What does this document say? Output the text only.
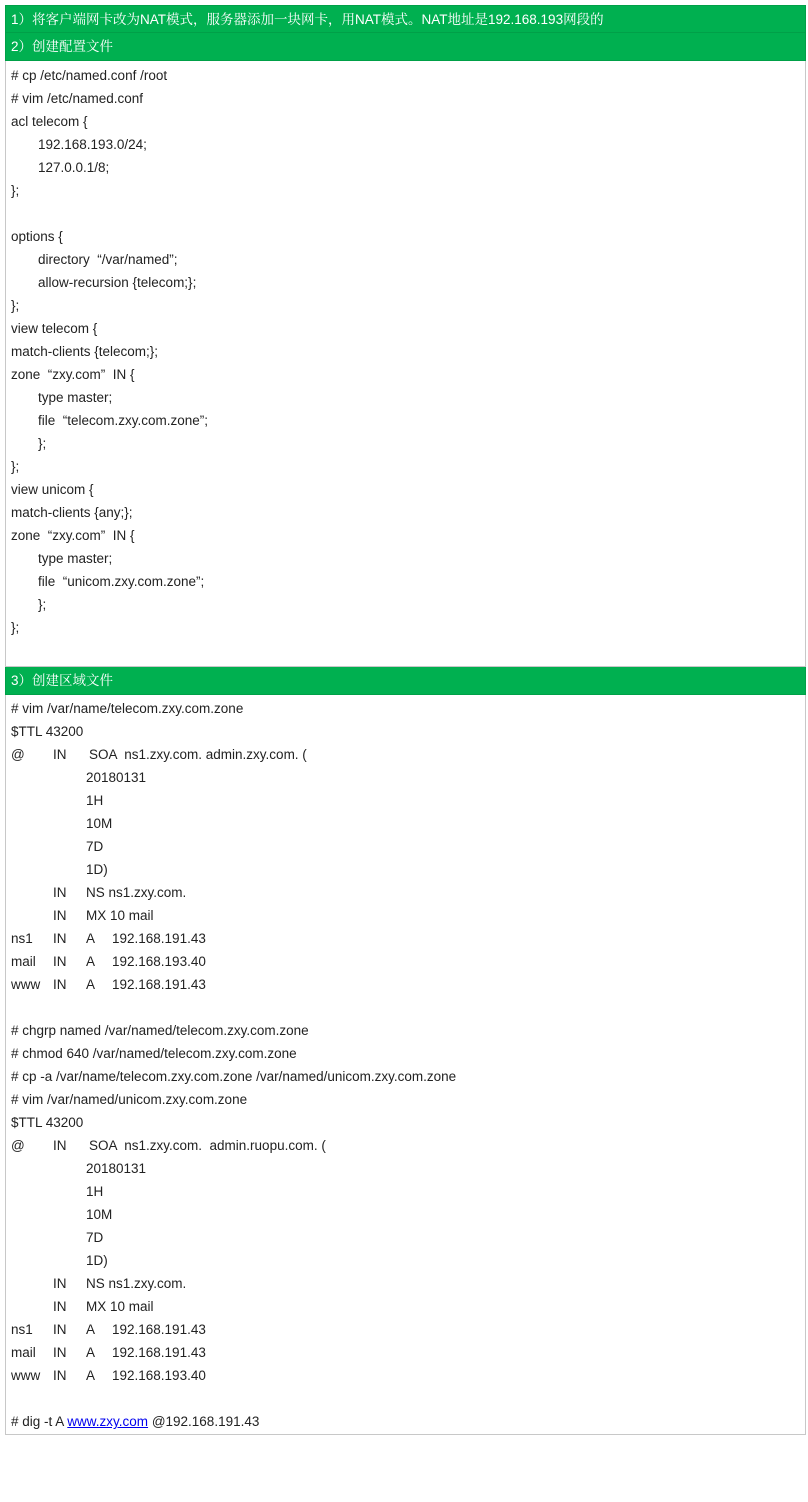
1）将客户端网卡改为NAT模式，服务器添加一块网卡，用NAT模式。NAT地址是192.168.193网段的
2）创建配置文件
# cp /etc/named.conf /root
# vim /etc/named.conf
acl telecom {
192.168.193.0/24;
127.0.0.1/8;
};
options {
directory  “/var/named”;
allow-recursion {telecom;};
};
view telecom {
match-clients {telecom;};
zone  “zxy.com”  IN {
type master;
file  “telecom.zxy.com.zone”;
};
};
view unicom {
match-clients {any;};
zone  “zxy.com”  IN {
type master;
file  “unicom.zxy.com.zone”;
};
};
3）创建区域文件
# vim /var/name/telecom.zxy.com.zone
$TTL 43200

@

IN

SOA  ns1.zxy.com. admin.zxy.com. (

20180131
1H
10M
7D
1D)

IN

NS ns1.zxy.com.

IN

MX 10 mail

ns1

IN

A

192.168.191.43

mail

IN

A

192.168.193.40

www

IN

A

192.168.191.43

# chgrp named /var/named/telecom.zxy.com.zone
# chmod 640 /var/named/telecom.zxy.com.zone
# cp -a /var/name/telecom.zxy.com.zone /var/named/unicom.zxy.com.zone
# vim /var/named/unicom.zxy.com.zone
$TTL 43200

@

IN

SOA  ns1.zxy.com.  admin.ruopu.com. (

20180131
1H
10M
7D
1D)

IN

NS ns1.zxy.com.

IN

MX 10 mail

ns1

IN

A

192.168.191.43

mail

IN

A

192.168.191.43

www

IN

A

192.168.193.40

# dig -t A www.zxy.com @192.168.191.43
